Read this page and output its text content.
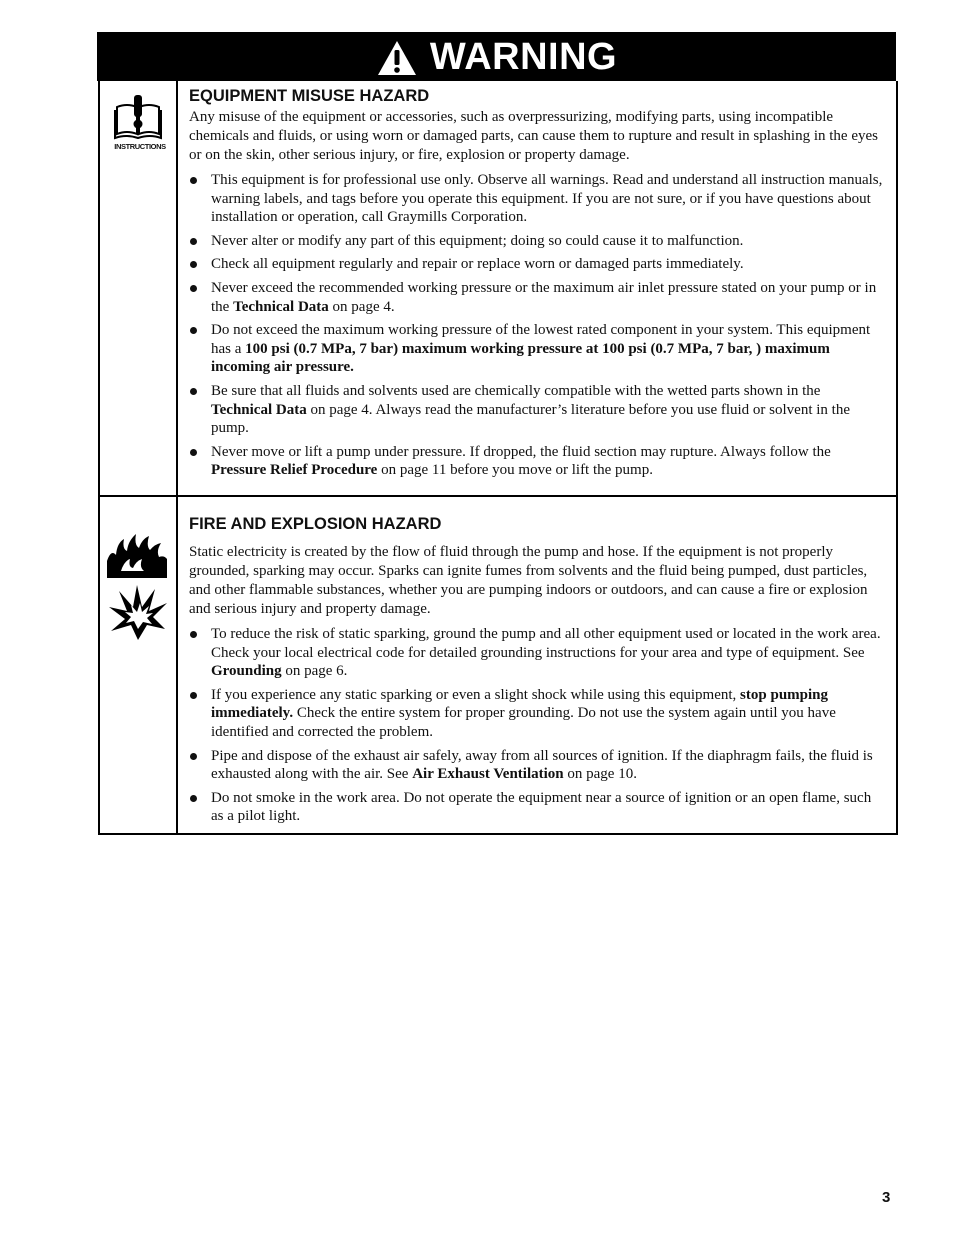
WARNING
INSTRUCTIONS
EQUIPMENT MISUSE HAZARD

Any misuse of the equipment or accessories, such as overpressurizing, modifying parts, using incompatible chemicals and fluids, or using worn or damaged parts, can cause them to rupture and result in splashing in the eyes or on the skin, other serious injury, or fire, explosion or property damage.

This equipment is for professional use only. Observe all warnings. Read and understand all instruction manuals, warning labels, and tags before you operate this equipment. If you are not sure, or if you have questions about installation or operation, call Graymills Corporation.
Never alter or modify any part of this equipment; doing so could cause it to malfunction.
Check all equipment regularly and repair or replace worn or damaged parts immediately.
Never exceed the recommended working pressure or the maximum air inlet pressure stated on your pump or in the Technical Data on page 4.
Do not exceed the maximum working pressure of the lowest rated component in your system. This equipment has a 100 psi (0.7 MPa, 7 bar) maximum working pressure at 100 psi (0.7 MPa, 7 bar, ) maximum incoming air pressure.
Be sure that all fluids and solvents used are chemically compatible with the wetted parts shown in the Technical Data on page 4. Always read the manufacturer’s literature before you use fluid or solvent in the pump.
Never move or lift a pump under pressure. If dropped, the fluid section may rupture. Always follow the Pressure Relief Procedure on page 11 before you move or lift the pump.
FIRE AND EXPLOSION HAZARD

Static electricity is created by the flow of fluid through the pump and hose. If the equipment is not properly grounded, sparking may occur. Sparks can ignite fumes from solvents and the fluid being pumped, dust particles, and other flammable substances, whether you are pumping indoors or outdoors, and can cause a fire or explosion and serious injury and property damage.

To reduce the risk of static sparking, ground the pump and all other equipment used or located in the work area. Check your local electrical code for detailed grounding instructions for your area and type of equipment. See Grounding on page 6.
If you experience any static sparking or even a slight shock while using this equipment, stop pumping immediately. Check the entire system for proper grounding. Do not use the system again until you have identified and corrected the problem.
Pipe and dispose of the exhaust air safely, away from all sources of ignition. If the diaphragm fails, the fluid is exhausted along with the air. See Air Exhaust Ventilation on page 10.
Do not smoke in the work area. Do not operate the equipment near a source of ignition or an open flame, such as a pilot light.
3
